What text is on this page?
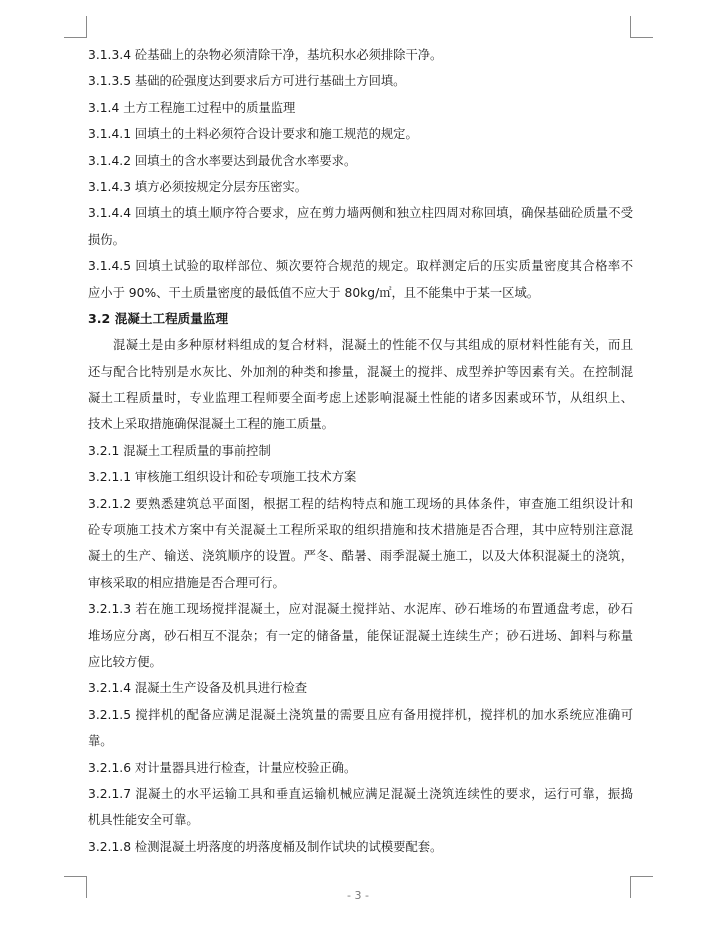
3.1.3.4 砼基础上的杂物必须清除干净，基坑积水必须排除干净。
3.1.3.5 基础的砼强度达到要求后方可进行基础土方回填。
3.1.4 土方工程施工过程中的质量监理
3.1.4.1 回填土的土料必须符合设计要求和施工规范的规定。
3.1.4.2 回填土的含水率要达到最优含水率要求。
3.1.4.3 填方必须按规定分层夯压密实。
3.1.4.4 回填土的填土顺序符合要求，应在剪力墙两侧和独立柱四周对称回填，确保基础砼质量不受
损伤。
3.1.4.5 回填土试验的取样部位、频次要符合规范的规定。取样测定后的压实质量密度其合格率不
应小于 90%、干土质量密度的最低值不应大于 80kg/㎡，且不能集中于某一区域。
3.2 混凝土工程质量监理
混凝土是由多种原材料组成的复合材料，混凝土的性能不仅与其组成的原材料性能有关，而且
还与配合比特别是水灰比、外加剂的种类和掺量，混凝土的搅拌、成型养护等因素有关。在控制混
凝土工程质量时，专业监理工程师要全面考虑上述影响混凝土性能的诸多因素或环节，从组织上、
技术上采取措施确保混凝土工程的施工质量。
3.2.1 混凝土工程质量的事前控制
3.2.1.1 审核施工组织设计和砼专项施工技术方案
3.2.1.2 要熟悉建筑总平面图，根据工程的结构特点和施工现场的具体条件，审查施工组织设计和
砼专项施工技术方案中有关混凝土工程所采取的组织措施和技术措施是否合理，其中应特别注意混
凝土的生产、输送、浇筑顺序的设置。严冬、酷暑、雨季混凝土施工，以及大体积混凝土的浇筑，
审核采取的相应措施是否合理可行。
3.2.1.3 若在施工现场搅拌混凝土，应对混凝土搅拌站、水泥库、砂石堆场的布置通盘考虑，砂石
堆场应分离，砂石相互不混杂；有一定的储备量，能保证混凝土连续生产；砂石进场、卸料与称量
应比较方便。
3.2.1.4 混凝土生产设备及机具进行检查
3.2.1.5 搅拌机的配备应满足混凝土浇筑量的需要且应有备用搅拌机，搅拌机的加水系统应准确可
靠。
3.2.1.6 对计量器具进行检查，计量应校验正确。
3.2.1.7 混凝土的水平运输工具和垂直运输机械应满足混凝土浇筑连续性的要求，运行可靠，振捣
机具性能安全可靠。
3.2.1.8 检测混凝土坍落度的坍落度桶及制作试块的试模要配套。
- 3 -
